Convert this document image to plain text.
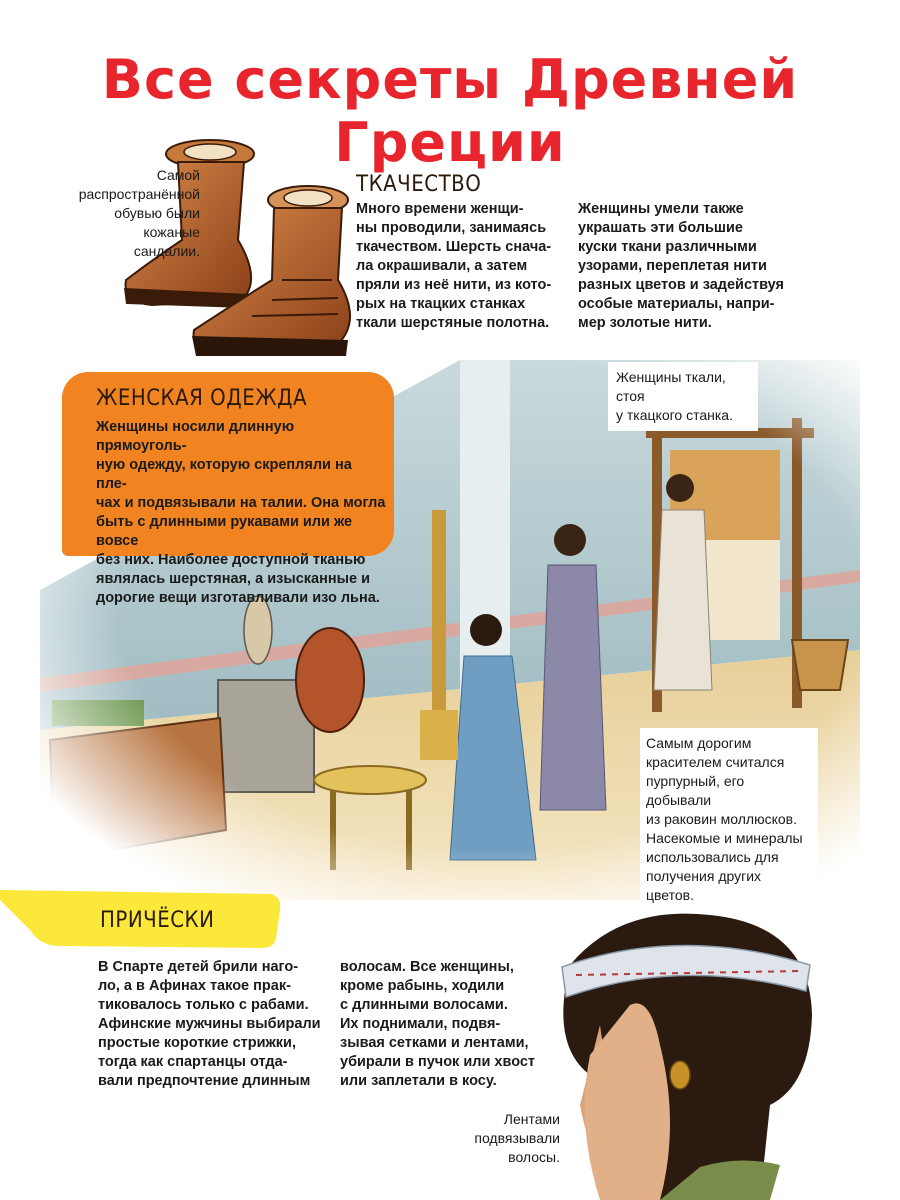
Все секреты Древней Греции
Самой
распространённой
обувью были
кожаные
сандалии.
ТКАЧЕСТВО
Много времени женщи-
ны проводили, занимаясь
ткачеством. Шерсть снача-
ла окрашивали, а затем
пряли из неё нити, из кото-
рых на ткацких станках
ткали шерстяные полотна.
Женщины умели также
украшать эти большие
куски ткани различными
узорами, переплетая нити
разных цветов и задействуя
особые материалы, напри-
мер золотые нити.
ЖЕНСКАЯ ОДЕЖДА
Женщины носили длинную прямоуголь-
ную одежду, которую скрепляли на пле-
чах и подвязывали на талии. Она могла
быть с длинными рукавами или же вовсе
без них. Наиболее доступной тканью
являлась шерстяная, а изысканные и
дорогие вещи изготавливали изо льна.
Женщины ткали, стоя
у ткацкого станка.
Самым дорогим
красителем считался
пурпурный, его добывали
из раковин моллюсков.
Насекомые и минералы
использовались для
получения других цветов.
ПРИЧЁСКИ
В Спарте детей брили наго-
ло, а в Афинах такое прак-
тиковалось только с рабами.
Афинские мужчины выбирали
простые короткие стрижки,
тогда как спартанцы отда-
вали предпочтение длинным
волосам. Все женщины,
кроме рабынь, ходили
с длинными волосами.
Их поднимали, подвя-
зывая сетками и лентами,
убирали в пучок или хвост
или заплетали в косу.
Лентами
подвязывали волосы.
